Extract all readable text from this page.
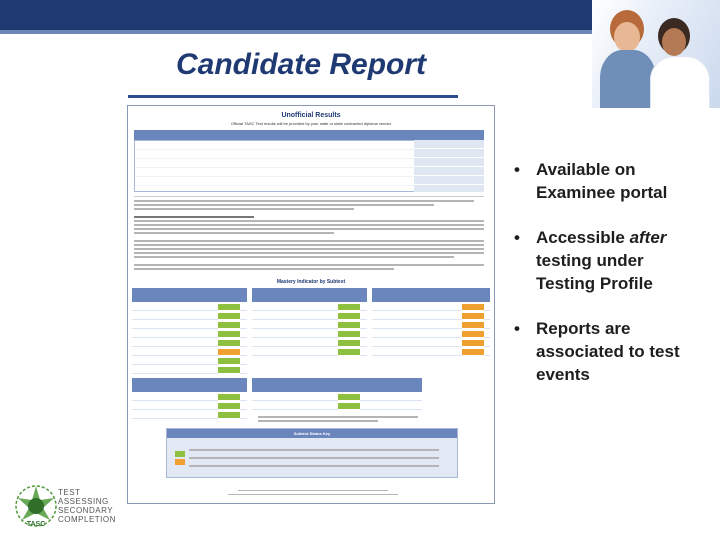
Candidate Report
Unofficial Results
Official TASC Test results will be provided by your state or state contracted diploma vendor
Mastery Indicator by Subtest
Subtest Status Key
• Available on Examinee portal
• Accessible after testing under Testing Profile
• Reports are associated to test events
TASC
TEST
ASSESSING
SECONDARY
COMPLETION
